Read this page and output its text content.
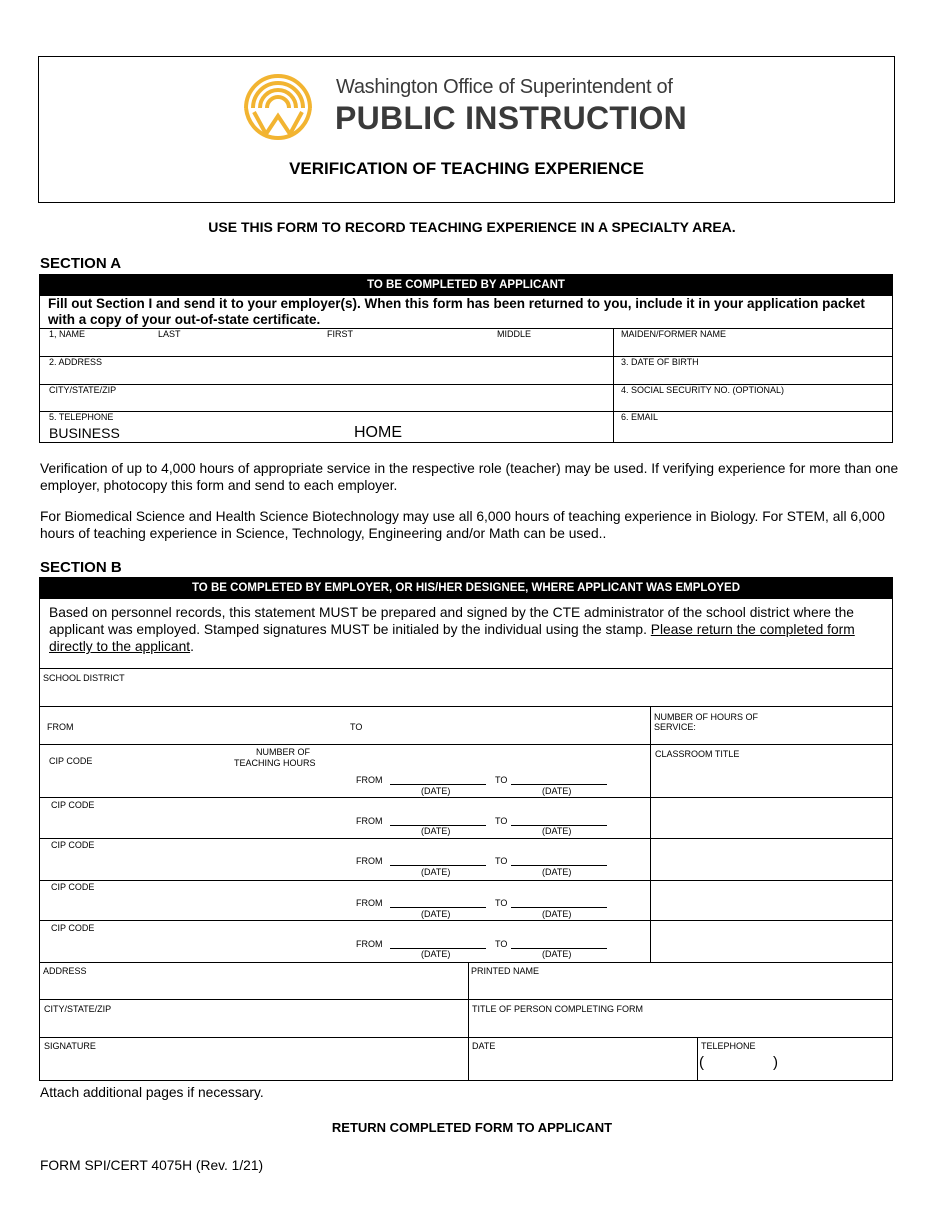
Washington Office of Superintendent of
PUBLIC INSTRUCTION
VERIFICATION OF TEACHING EXPERIENCE
USE THIS FORM TO RECORD TEACHING EXPERIENCE IN A SPECIALTY AREA.
SECTION A
TO BE COMPLETED BY APPLICANT
Fill out Section I and send it to your employer(s). When this form has been returned to you, include it in your application packet with a copy of your out-of-state certificate.
1, NAME	LAST	FIRST	MIDDLE	MAIDEN/FORMER NAME
2. ADDRESS	3. DATE OF BIRTH
CITY/STATE/ZIP	4. SOCIAL SECURITY NO. (OPTIONAL)
5. TELEPHONE
BUSINESS	HOME
6. EMAIL
Verification of up to 4,000 hours of appropriate service in the respective role (teacher) may be used. If verifying experience for more than one employer, photocopy this form and send to each employer.
For Biomedical Science and Health Science Biotechnology may use all 6,000 hours of teaching experience in Biology. For STEM, all 6,000 hours of teaching experience in Science, Technology, Engineering and/or Math can be used..
SECTION B
TO BE COMPLETED BY EMPLOYER, OR HIS/HER DESIGNEE, WHERE APPLICANT WAS EMPLOYED
Based on personnel records, this statement MUST be prepared and signed by the CTE administrator of the school district where the applicant was employed. Stamped signatures MUST be initialed by the individual using the stamp. Please return the completed form directly to the applicant.
SCHOOL DISTRICT
FROM	TO
NUMBER OF HOURS OF
SERVICE:
NUMBER OF
TEACHING HOURS
CLASSROOM TITLE
CIP CODE
FROM	TO
(DATE)	(DATE)
CIP CODE
FROM	TO
(DATE)	(DATE)
CIP CODE
FROM	TO
(DATE)	(DATE)
CIP CODE
FROM	TO
(DATE)	(DATE)
CIP CODE
FROM	TO
(DATE)	(DATE)
ADDRESS	PRINTED NAME
CITY/STATE/ZIP	TITLE OF PERSON COMPLETING FORM
SIGNATURE	DATE	TELEPHONE
(	)
Attach additional pages if necessary.
RETURN COMPLETED FORM TO APPLICANT
FORM SPI/CERT 4075H (Rev. 1/21)
